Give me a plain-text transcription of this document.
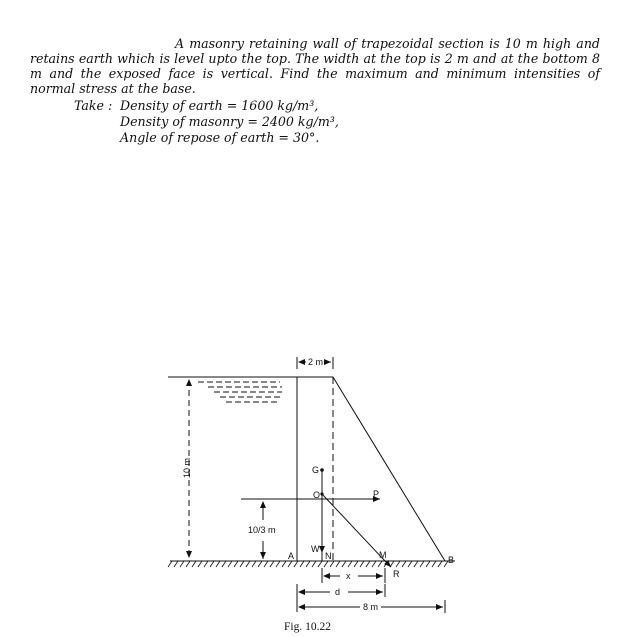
A masonry retaining wall of trapezoidal section is 10 m high and retains earth which is level upto the top. The width at the top is 2 m and at the bottom 8 m and the exposed face is vertical. Find the maximum and minimum intensities of normal stress at the base.

Take : Density of earth = 1600 kg/m³,
Density of masonry = 2400 kg/m³,
Angle of repose of earth = 30°.
2 m
10 m
10/3 m
G
O	P
W
A	N	M	B
R
x
d
8 m
Fig. 10.22
